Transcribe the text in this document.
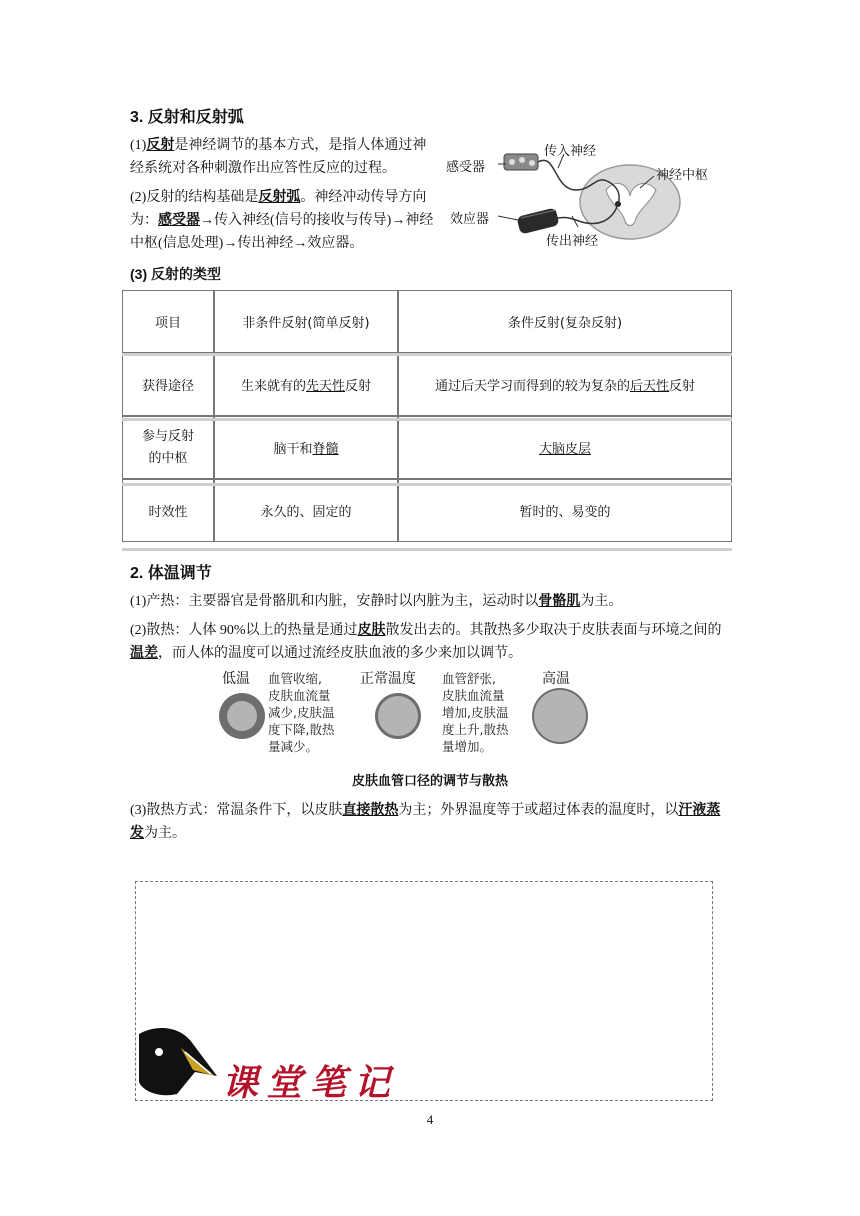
3. 反射和反射弧
(1)反射是神经调节的基本方式，是指人体通过神经系统对各种刺激作出应答性反应的过程。
(2)反射的结构基础是反射弧。神经冲动传导方向为：感受器→传入神经(信号的接收与传导)→神经中枢(信息处理)→传出神经→效应器。
感受器
传入神经
神经中枢
效应器
传出神经
(3) 反射的类型
项目	非条件反射(简单反射)	条件反射(复杂反射)
获得途径	生来就有的先天性反射	通过后天学习而得到的较为复杂的后天性反射
参与反射
的中枢	脑干和脊髓	大脑皮层
时效性	永久的、固定的	暂时的、易变的
2. 体温调节
(1)产热：主要器官是骨骼肌和内脏，安静时以内脏为主，运动时以骨骼肌为主。
(2)散热：人体 90%以上的热量是通过皮肤散发出去的。其散热多少取决于皮肤表面与环境之间的温差，而人体的温度可以通过流经皮肤血液的多少来加以调节。
低温 血管收缩,
皮肤血流量
减少,皮肤温
度下降,散热
量减少。
正常温度 血管舒张,
皮肤血流量
增加,皮肤温
度上升,散热
量增加。
高温
皮肤血管口径的调节与散热
(3)散热方式：常温条件下，以皮肤直接散热为主；外界温度等于或超过体表的温度时，以汗液蒸发为主。
课堂笔记
4
